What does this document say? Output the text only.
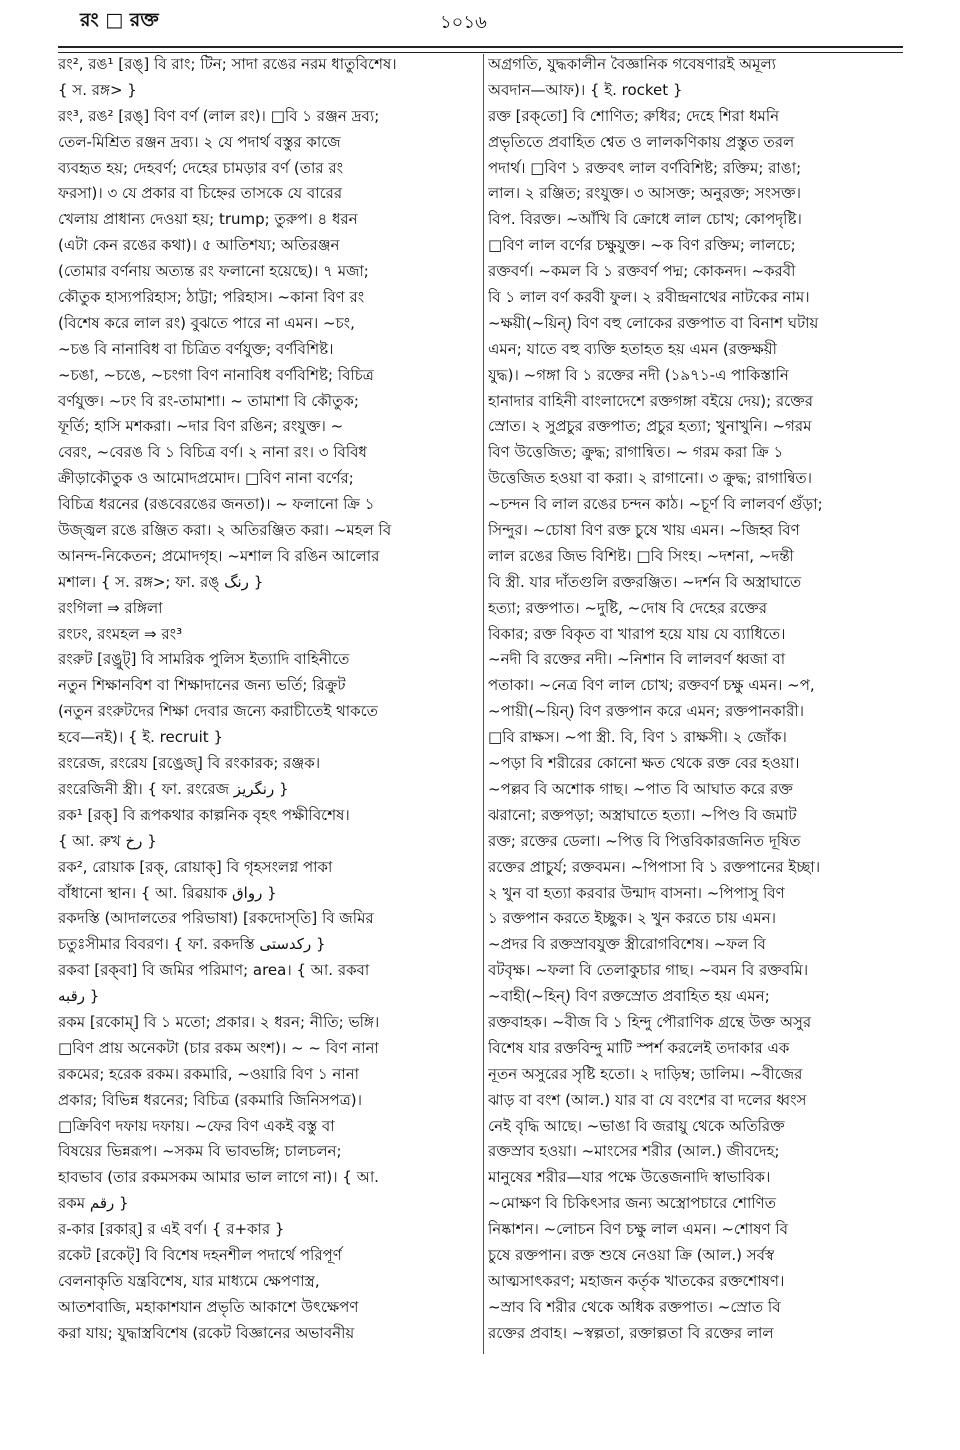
রং □ রক্ত	১০১৬
রং², রঙ¹ [রঙ্] বি রাং; টিন; সাদা রঙের নরম ধাতুবিশেষ।
{ স. রঙ্গ> }
রং³, রঙ² [রঙ্] বিণ বর্ণ (লাল রং)। □বি ১ রঞ্জন দ্রব্য;
তেল-মিশ্রিত রঞ্জন দ্রব্য। ২ যে পদার্থ বস্তুর কাজে
ব্যবহৃত হয়; দেহবর্ণ; দেহের চামড়ার বর্ণ (তার রং
ফরসা)। ৩ যে প্রকার বা চিহ্নের তাসকে যে বারের
খেলায় প্রাধান্য দেওয়া হয়; trump; তুরুপ। ৪ ধরন
(এটা কেন রঙের কথা)। ৫ আতিশয্য; অতিরঞ্জন
(তোমার বর্ণনায় অত্যন্ত রং ফলানো হয়েছে)। ৭ মজা;
কৌতুক হাস্যপরিহাস; ঠাট্টা; পরিহাস। ~কানা বিণ রং
(বিশেষ করে লাল রং) বুঝতে পারে না এমন। ~চং,
~চঙ বি নানাবিধ বা চিত্রিত বর্ণযুক্ত; বর্ণবিশিষ্ট।
~চঙা, ~চঙে, ~চংগা বিণ নানাবিধ বর্ণবিশিষ্ট; বিচিত্র
বর্ণযুক্ত। ~ঢং বি রং-তামাশা। ~ তামাশা বি কৌতুক;
ফূর্তি; হাসি মশকরা। ~দার বিণ রঙিন; রংযুক্ত। ~
বেরং, ~বেরঙ বি ১ বিচিত্র বর্ণ। ২ নানা রং। ৩ বিবিধ
ক্রীড়াকৌতুক ও আমোদপ্রমোদ। □বিণ নানা বর্ণের;
বিচিত্র ধরনের (রঙবেরঙের জনতা)। ~ ফলানো ক্রি ১
উজ্জ্বল রঙে রঞ্জিত করা। ২ অতিরঞ্জিত করা। ~মহল বি
আনন্দ-নিকেতন; প্রমোদগৃহ। ~মশাল বি রঙিন আলোর
মশাল। { স. রঙ্গ>; ফা. রঙ্ رنگ }
রংগিলা ⇒ রঙ্গিলা
রংঢং, রংমহল ⇒ রং³
রংরুট [রঙ্রুট্] বি সামরিক পুলিস ইত্যাদি বাহিনীতে
নতুন শিক্ষানবিশ বা শিক্ষাদানের জন্য ভর্তি; রিক্রুট
(নতুন রংরুটদের শিক্ষা দেবার জন্যে করাচীতেই থাকতে
হবে—নই)। { ই. recruit }
রংরেজ, রংরেয [রঙ্রেজ্] বি রংকারক; রঞ্জক।
রংরেজিনী স্ত্রী। { ফা. রংরেজ رنگریز }
রক¹ [রক্] বি রূপকথার কাল্পনিক বৃহৎ পক্ষীবিশেষ।
{ আ. রুখ رخ }
রক², রোয়াক [রক্, রোয়াক্] বি গৃহসংলগ্ন পাকা
বাঁধানো স্থান। { আ. রিৱয়াক رواق }
রকদস্তি (আদালতের পরিভাষা) [রকদোস্‌তি] বি জমির
চতুঃসীমার বিবরণ। { ফা. রকদস্তি رکدستی }
রকবা [রক্‌বা] বি জমির পরিমাণ; area। { আ. রকবা
رقبه }
রকম [রকোম্] বি ১ মতো; প্রকার। ২ ধরন; নীতি; ভঙ্গি।
□বিণ প্রায় অনেকটা (চার রকম অংশ)। ~ ~ বিণ নানা
রকমের; হরেক রকম। রকমারি, ~ওয়ারি বিণ ১ নানা
প্রকার; বিভিন্ন ধরনের; বিচিত্র (রকমারি জিনিসপত্র)।
□ক্রিবিণ দফায় দফায়। ~ফের বিণ একই বস্তু বা
বিষয়ের ভিন্নরূপ। ~সকম বি ভাবভঙ্গি; চালচলন;
হাবভাব (তার রকমসকম আমার ভাল লাগে না)। { আ.
রকম رقم }
র-কার [রকার্] র এই বর্ণ। { র+কার }
রকেট [রকেট্] বি বিশেষ দহনশীল পদার্থে পরিপূর্ণ
বেলনাকৃতি যন্ত্রবিশেষ, যার মাধ্যমে ক্ষেপণাস্ত্র,
আতশবাজি, মহাকাশযান প্রভৃতি আকাশে উৎক্ষেপণ
করা যায়; যুদ্ধাস্ত্রবিশেষ (রকেট বিজ্ঞানের অভাবনীয়
অগ্রগতি, যুদ্ধকালীন বৈজ্ঞানিক গবেষণারই অমূল্য
অবদান—আফ)। { ই. rocket }
রক্ত [রক্‌তো] বি শোণিত; রুধির; দেহে শিরা ধমনি
প্রভৃতিতে প্রবাহিত শ্বেত ও লালকণিকায় প্রস্তুত তরল
পদার্থ। □বিণ ১ রক্তবৎ লাল বর্ণবিশিষ্ট; রক্তিম; রাঙা;
লাল। ২ রঞ্জিত; রংযুক্ত। ৩ আসক্ত; অনুরক্ত; সংসক্ত।
বিপ. বিরক্ত। ~আঁখি বি ক্রোধে লাল চোখ; কোপদৃষ্টি।
□বিণ লাল বর্ণের চক্ষুযুক্ত। ~ক বিণ রক্তিম; লালচে;
রক্তবর্ণ। ~কমল বি ১ রক্তবর্ণ পদ্ম; কোকনদ। ~করবী
বি ১ লাল বর্ণ করবী ফুল। ২ রবীন্দ্রনাথের নাটকের নাম।
~ক্ষয়ী(~য়িন্) বিণ বহু লোকের রক্তপাত বা বিনাশ ঘটায়
এমন; যাতে বহু ব্যক্তি হতাহত হয় এমন (রক্তক্ষয়ী
যুদ্ধ)। ~গঙ্গা বি ১ রক্তের নদী (১৯৭১-এ পাকিস্তানি
হানাদার বাহিনী বাংলাদেশে রক্তগঙ্গা বইয়ে দেয়); রক্তের
স্রোত। ২ সুপ্রচুর রক্তপাত; প্রচুর হত্যা; খুনাখুনি। ~গরম
বিণ উত্তেজিত; ক্রুদ্ধ; রাগান্বিত। ~ গরম করা ক্রি ১
উত্তেজিত হওয়া বা করা। ২ রাগানো। ৩ ক্রুদ্ধ; রাগান্বিত।
~চন্দন বি লাল রঙের চন্দন কাঠ। ~চূর্ণ বি লালবর্ণ গুঁড়া;
সিন্দুর। ~চোষা বিণ রক্ত চুষে খায় এমন। ~জিহ্ব বিণ
লাল রঙের জিভ বিশিষ্ট। □বি সিংহ। ~দশনা, ~দন্তী
বি স্ত্রী. যার দাঁতগুলি রক্তরঞ্জিত। ~দর্শন বি অস্ত্রাঘাতে
হত্যা; রক্তপাত। ~দুষ্টি, ~দোষ বি দেহের রক্তের
বিকার; রক্ত বিকৃত বা খারাপ হয়ে যায় যে ব্যাধিতে।
~নদী বি রক্তের নদী। ~নিশান বি লালবর্ণ ধ্বজা বা
পতাকা। ~নেত্র বিণ লাল চোখ; রক্তবর্ণ চক্ষু এমন। ~প,
~পায়ী(~য়িন্) বিণ রক্তপান করে এমন; রক্তপানকারী।
□বি রাক্ষস। ~পা স্ত্রী. বি, বিণ ১ রাক্ষসী। ২ জোঁক।
~পড়া বি শরীরের কোনো ক্ষত থেকে রক্ত বের হওয়া।
~পল্লব বি অশোক গাছ। ~পাত বি আঘাত করে রক্ত
ঝরানো; রক্তপড়া; অস্ত্রাঘাতে হত্যা। ~পিণ্ড বি জমাট
রক্ত; রক্তের ডেলা। ~পিত্ত বি পিত্তবিকারজনিত দূষিত
রক্তের প্রাচুর্য; রক্তবমন। ~পিপাসা বি ১ রক্তপানের ইচ্ছা।
২ খুন বা হত্যা করবার উন্মাদ বাসনা। ~পিপাসু বিণ
১ রক্তপান করতে ইচ্ছুক। ২ খুন করতে চায় এমন।
~প্রদর বি রক্তস্রাবযুক্ত স্ত্রীরোগবিশেষ। ~ফল বি
বটবৃক্ষ। ~ফলা বি তেলাকুচার গাছ। ~বমন বি রক্তবমি।
~বাহী(~হিন্) বিণ রক্তস্রোত প্রবাহিত হয় এমন;
রক্তবাহক। ~বীজ বি ১ হিন্দু পৌরাণিক গ্রন্থে উক্ত অসুর
বিশেষ যার রক্তবিন্দু মাটি স্পর্শ করলেই তদাকার এক
নূতন অসুরের সৃষ্টি হতো। ২ দাড়িম্ব; ডালিম। ~বীজের
ঝাড় বা বংশ (আল.) যার বা যে বংশের বা দলের ধ্বংস
নেই বৃদ্ধি আছে। ~ভাঙা বি জরায়ু থেকে অতিরিক্ত
রক্তস্রাব হওয়া। ~মাংসের শরীর (আল.) জীবদেহ;
মানুষের শরীর—যার পক্ষে উত্তেজনাদি স্বাভাবিক।
~মোক্ষণ বি চিকিৎসার জন্য অস্ত্রোপচারে শোণিত
নিষ্কাশন। ~লোচন বিণ চক্ষু লাল এমন। ~শোষণ বি
চুষে রক্তপান। রক্ত শুষে নেওয়া ক্রি (আল.) সর্বস্ব
আত্মসাৎকরণ; মহাজন কর্তৃক খাতকের রক্তশোষণ।
~স্রাব বি শরীর থেকে অধিক রক্তপাত। ~স্রোত বি
রক্তের প্রবাহ। ~স্বল্পতা, রক্তাল্পতা বি রক্তের লাল
